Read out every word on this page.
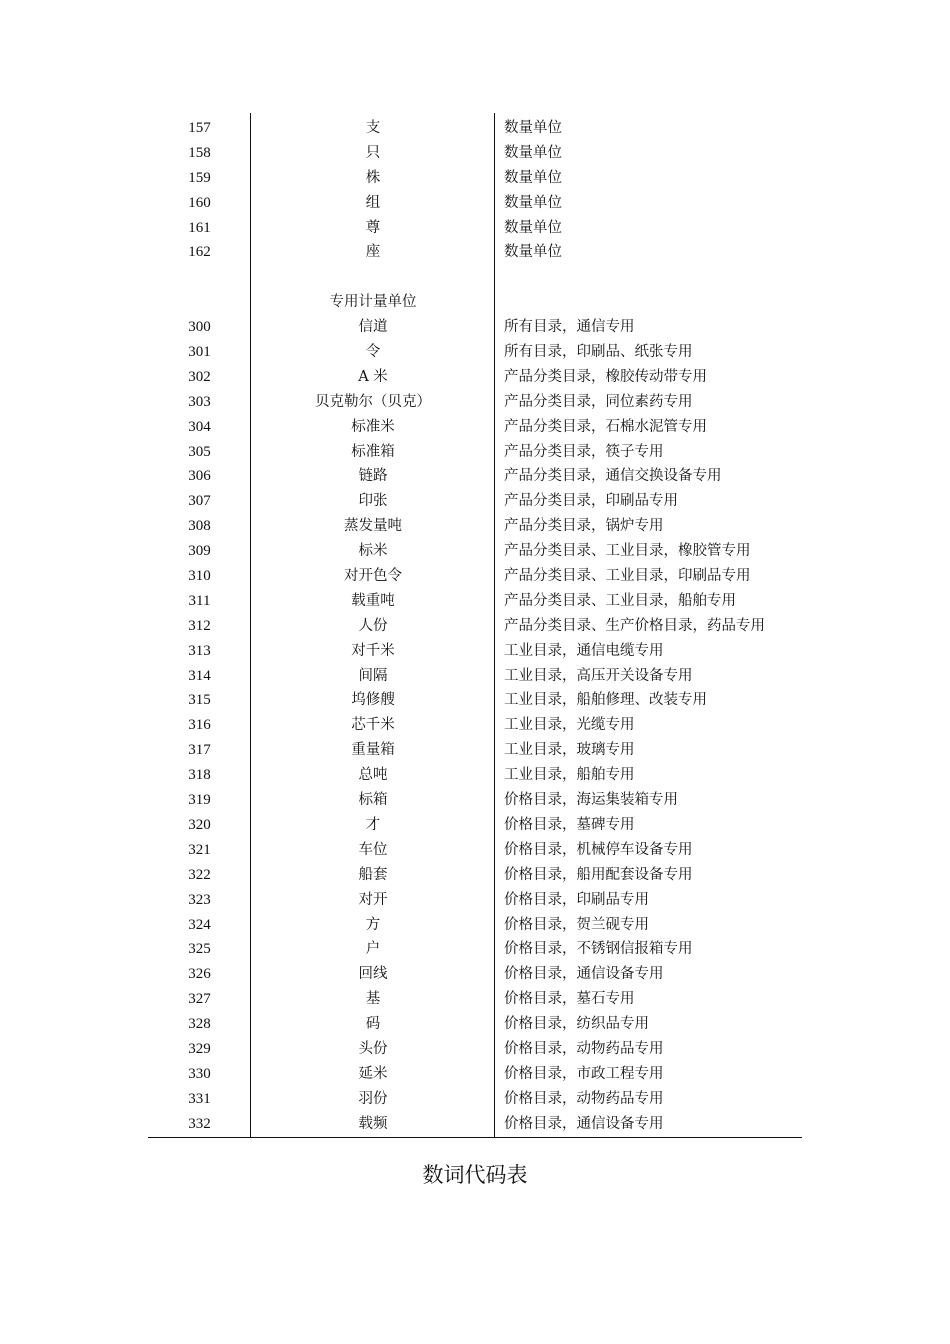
157	支	数量单位
158	只	数量单位
159	株	数量单位
160	组	数量单位
161	尊	数量单位
162	座	数量单位
专用计量单位
300	信道	所有目录，通信专用
301	令	所有目录，印刷品、纸张专用
302	A 米	产品分类目录，橡胶传动带专用
303	贝克勒尔（贝克）	产品分类目录，同位素药专用
304	标准米	产品分类目录，石棉水泥管专用
305	标准箱	产品分类目录，筷子专用
306	链路	产品分类目录，通信交换设备专用
307	印张	产品分类目录，印刷品专用
308	蒸发量吨	产品分类目录，锅炉专用
309	标米	产品分类目录、工业目录，橡胶管专用
310	对开色令	产品分类目录、工业目录，印刷品专用
311	载重吨	产品分类目录、工业目录，船舶专用
312	人份	产品分类目录、生产价格目录，药品专用
313	对千米	工业目录，通信电缆专用
314	间隔	工业目录，高压开关设备专用
315	坞修艘	工业目录，船舶修理、改装专用
316	芯千米	工业目录，光缆专用
317	重量箱	工业目录，玻璃专用
318	总吨	工业目录，船舶专用
319	标箱	价格目录，海运集装箱专用
320	才	价格目录，墓碑专用
321	车位	价格目录，机械停车设备专用
322	船套	价格目录，船用配套设备专用
323	对开	价格目录，印刷品专用
324	方	价格目录，贺兰砚专用
325	户	价格目录，不锈钢信报箱专用
326	回线	价格目录，通信设备专用
327	基	价格目录，墓石专用
328	码	价格目录，纺织品专用
329	头份	价格目录，动物药品专用
330	延米	价格目录，市政工程专用
331	羽份	价格目录，动物药品专用
332	载频	价格目录，通信设备专用
数词代码表
